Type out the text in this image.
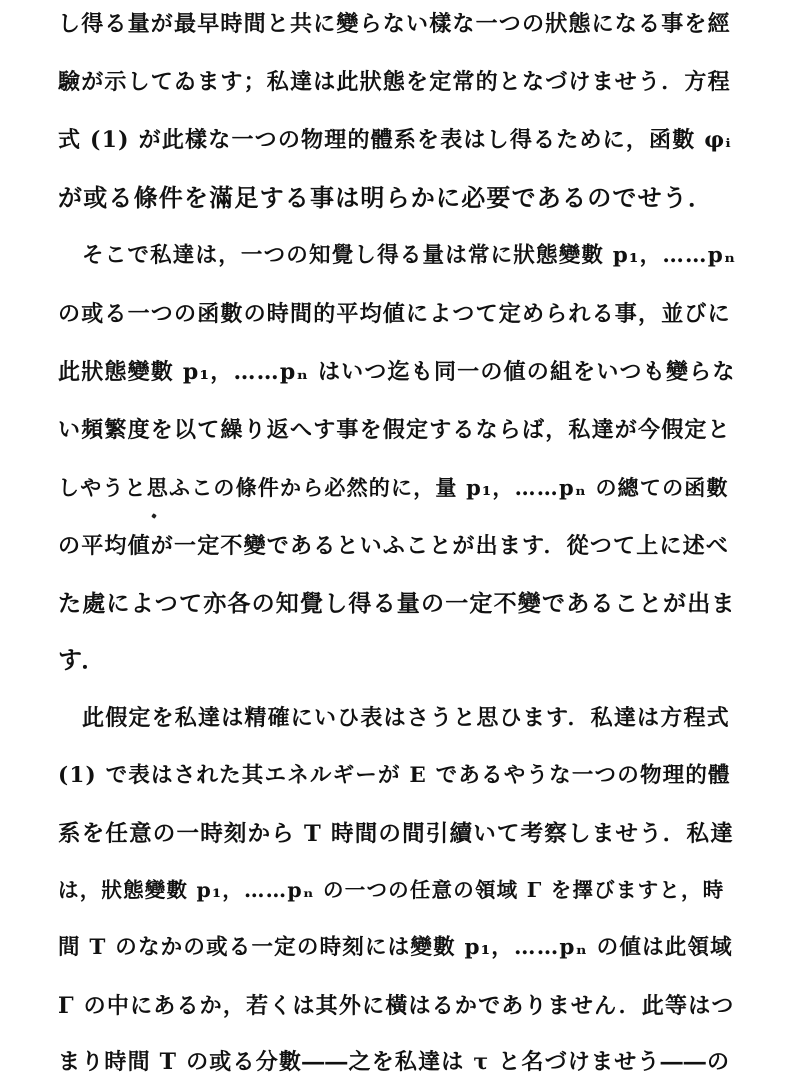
し得る量が最早時間と共に變らない樣な一つの狀態になる事を經
驗が示してゐます；私達は此狀態を定常的となづけませう．方程
式 (1) が此樣な一つの物理的體系を表はし得るために，函數 φᵢ
が或る條件を滿足する事は明らかに必要であるのでせう．
そこで私達は，一つの知覺し得る量は常に狀態變數 p₁，……pₙ
の或る一つの函數の時間的平均値によつて定められる事，並びに
此狀態變數 p₁，……pₙ はいつ迄も同一の値の組をいつも變らな
い頻繁度を以て繰り返へす事を假定するならば，私達が今假定と
しやうと思ふこの條件から必然的に，量 p₁，……pₙ の總ての函數
の平均値が一定不變であるといふことが出ます．從つて上に述べ
た處によつて亦各の知覺し得る量の一定不變であることが出ま
す．
此假定を私達は精確にいひ表はさうと思ひます．私達は方程式
(1) で表はされた其エネルギーが E であるやうな一つの物理的體
系を任意の一時刻から T 時間の間引續いて考察しませう．私達
は，狀態變數 p₁，……pₙ の一つの任意の領域 Γ を擇びますと，時
間 T のなかの或る一定の時刻には變數 p₁，……pₙ の値は此領域
Γ の中にあるか，若くは其外に橫はるかでありません．此等はつ
まり時間 T の或る分數――之を私達は τ と名づけませう――の
